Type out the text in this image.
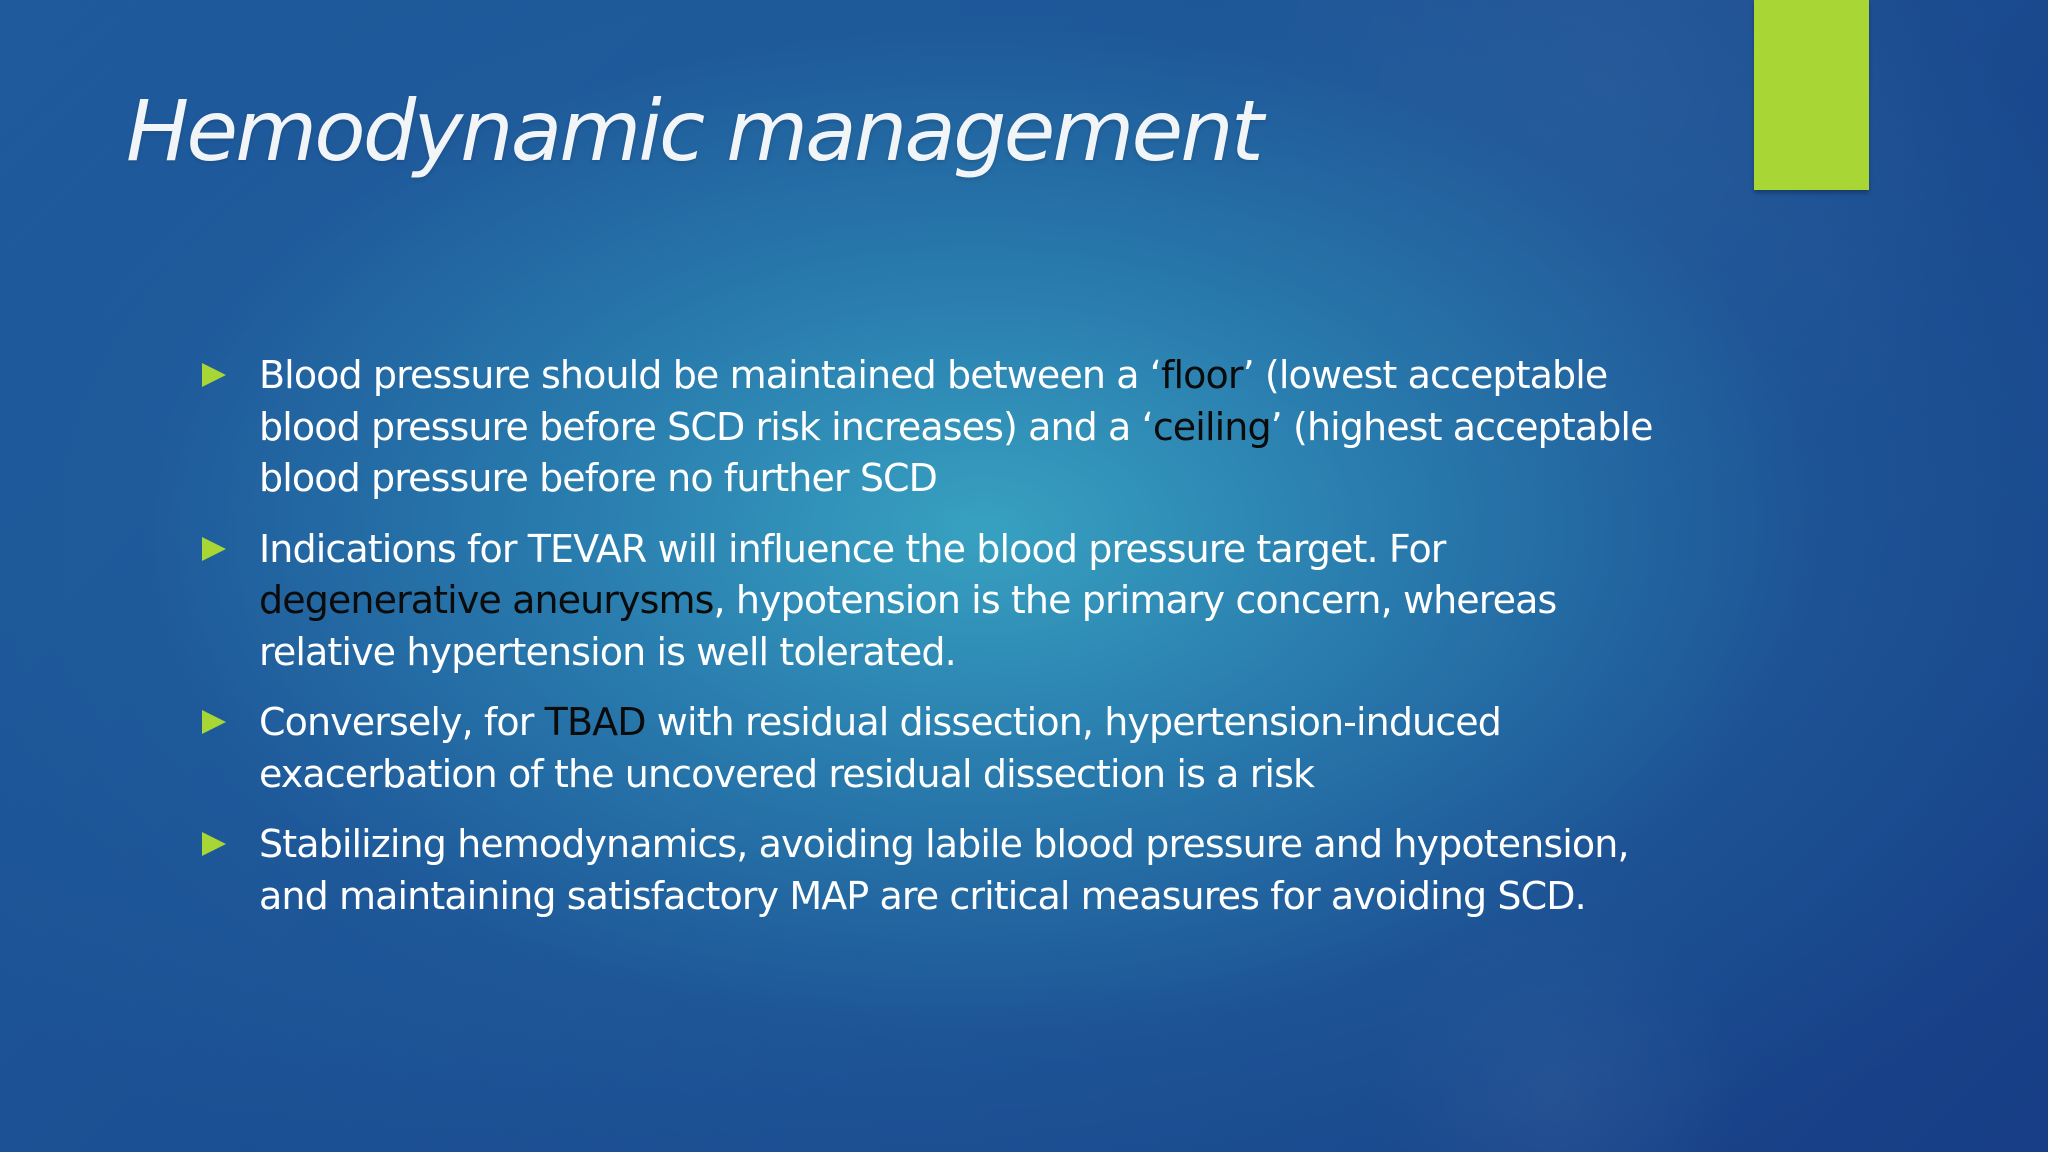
Hemodynamic management
Blood pressure should be maintained between a ‘floor’ (lowest acceptable blood pressure before SCD risk increases) and a ‘ceiling’ (highest acceptable blood pressure before no further SCD
Indications for TEVAR will influence the blood pressure target. For degenerative aneurysms, hypotension is the primary concern, whereas relative hypertension is well tolerated.
Conversely, for TBAD with residual dissection, hypertension-induced exacerbation of the uncovered residual dissection is a risk
Stabilizing hemodynamics, avoiding labile blood pressure and hypotension, and maintaining satisfactory MAP are critical measures for avoiding SCD.
